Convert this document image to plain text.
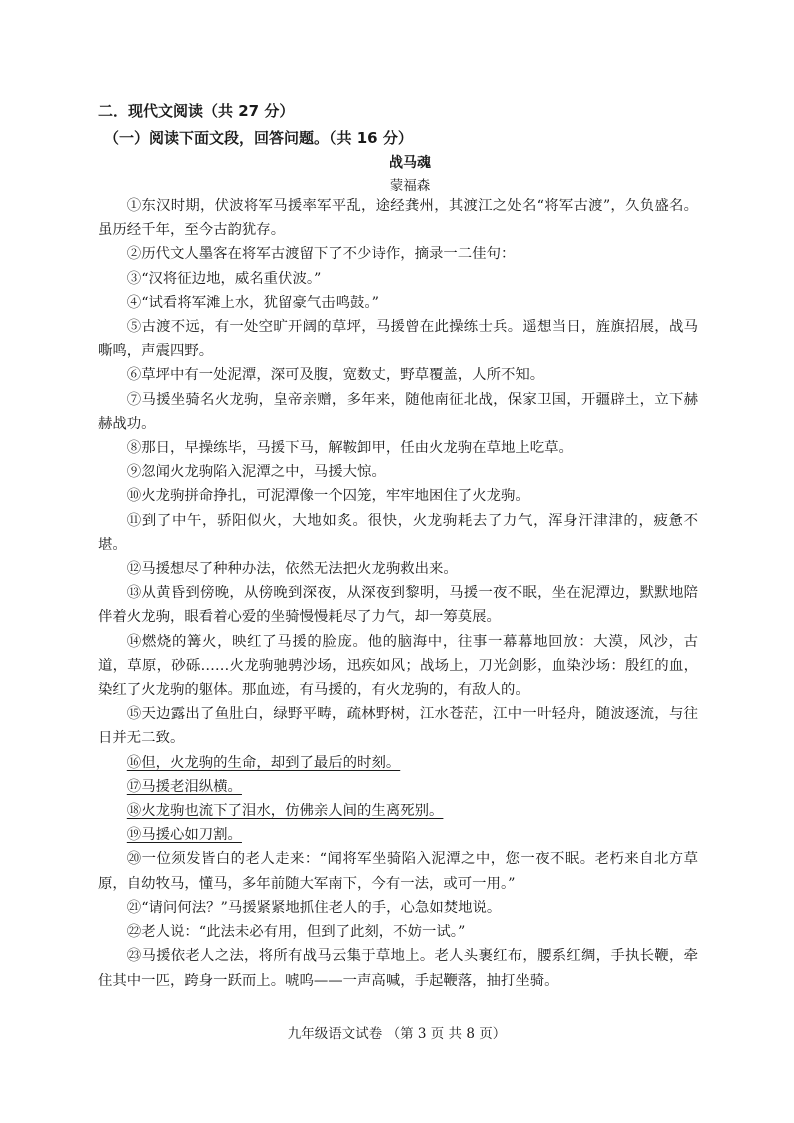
二．现代文阅读（共 27 分）
（一）阅读下面文段，回答问题。（共 16 分）
战马魂
蒙福森

①东汉时期，伏波将军马援率军平乱，途经龚州，其渡江之处名“将军古渡”，久负盛名。虽历经千年，至今古韵犹存。

②历代文人墨客在将军古渡留下了不少诗作，摘录一二佳句：

③“汉将征边地，威名重伏波。”

④“试看将军滩上水，犹留豪气击鸣鼓。”

⑤古渡不远，有一处空旷开阔的草坪，马援曾在此操练士兵。遥想当日，旌旗招展，战马嘶鸣，声震四野。

⑥草坪中有一处泥潭，深可及腹，宽数丈，野草覆盖，人所不知。

⑦马援坐骑名火龙驹，皇帝亲赠，多年来，随他南征北战，保家卫国，开疆辟土，立下赫赫战功。

⑧那日，早操练毕，马援下马，解鞍卸甲，任由火龙驹在草地上吃草。

⑨忽闻火龙驹陷入泥潭之中，马援大惊。

⑩火龙驹拼命挣扎，可泥潭像一个囚笼，牢牢地困住了火龙驹。

⑪到了中午，骄阳似火，大地如炙。很快，火龙驹耗去了力气，浑身汗津津的，疲惫不堪。

⑫马援想尽了种种办法，依然无法把火龙驹救出来。

⑬从黄昏到傍晚，从傍晚到深夜，从深夜到黎明，马援一夜不眠，坐在泥潭边，默默地陪伴着火龙驹，眼看着心爱的坐骑慢慢耗尽了力气，却一筹莫展。

⑭燃烧的篝火，映红了马援的脸庞。他的脑海中，往事一幕幕地回放：大漠，风沙，古道，草原，砂砾……火龙驹驰骋沙场，迅疾如风；战场上，刀光剑影，血染沙场：殷红的血，染红了火龙驹的躯体。那血迹，有马援的，有火龙驹的，有敌人的。

⑮天边露出了鱼肚白，绿野平畴，疏林野树，江水苍茫，江中一叶轻舟，随波逐流，与往日并无二致。

⑯但，火龙驹的生命，却到了最后的时刻。

⑰马援老泪纵横。

⑱火龙驹也流下了泪水，仿佛亲人间的生离死别。

⑲马援心如刀割。

⑳一位须发皆白的老人走来：“闻将军坐骑陷入泥潭之中，您一夜不眠。老朽来自北方草原，自幼牧马，懂马，多年前随大军南下，今有一法，或可一用。”

㉑“请问何法？”马援紧紧地抓住老人的手，心急如焚地说。

㉒老人说：“此法未必有用，但到了此刻，不妨一试。”

㉓马援依老人之法，将所有战马云集于草地上。老人头裹红布，腰系红绸，手执长鞭，牵住其中一匹，跨身一跃而上。唬呜——一声高喊，手起鞭落，抽打坐骑。

九年级语文试卷 （第 3 页 共 8 页）
